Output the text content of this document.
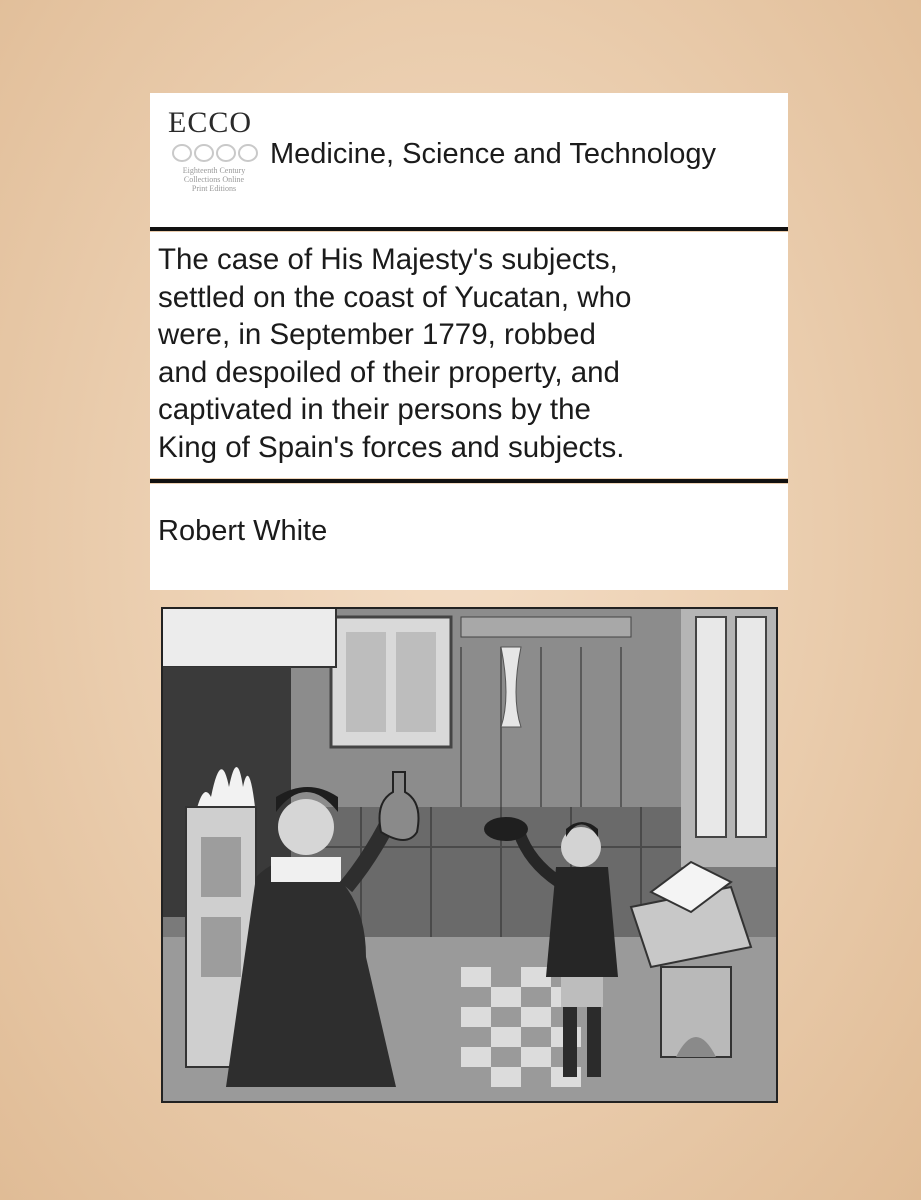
ECCO
Eighteenth Century
Collections Online
Print Editions
Medicine, Science and Technology
The case of His Majesty's subjects,
settled on the coast of Yucatan, who
were, in September 1779, robbed
and despoiled of their property, and
captivated in their persons by the
King of Spain's forces and subjects.
Robert White
